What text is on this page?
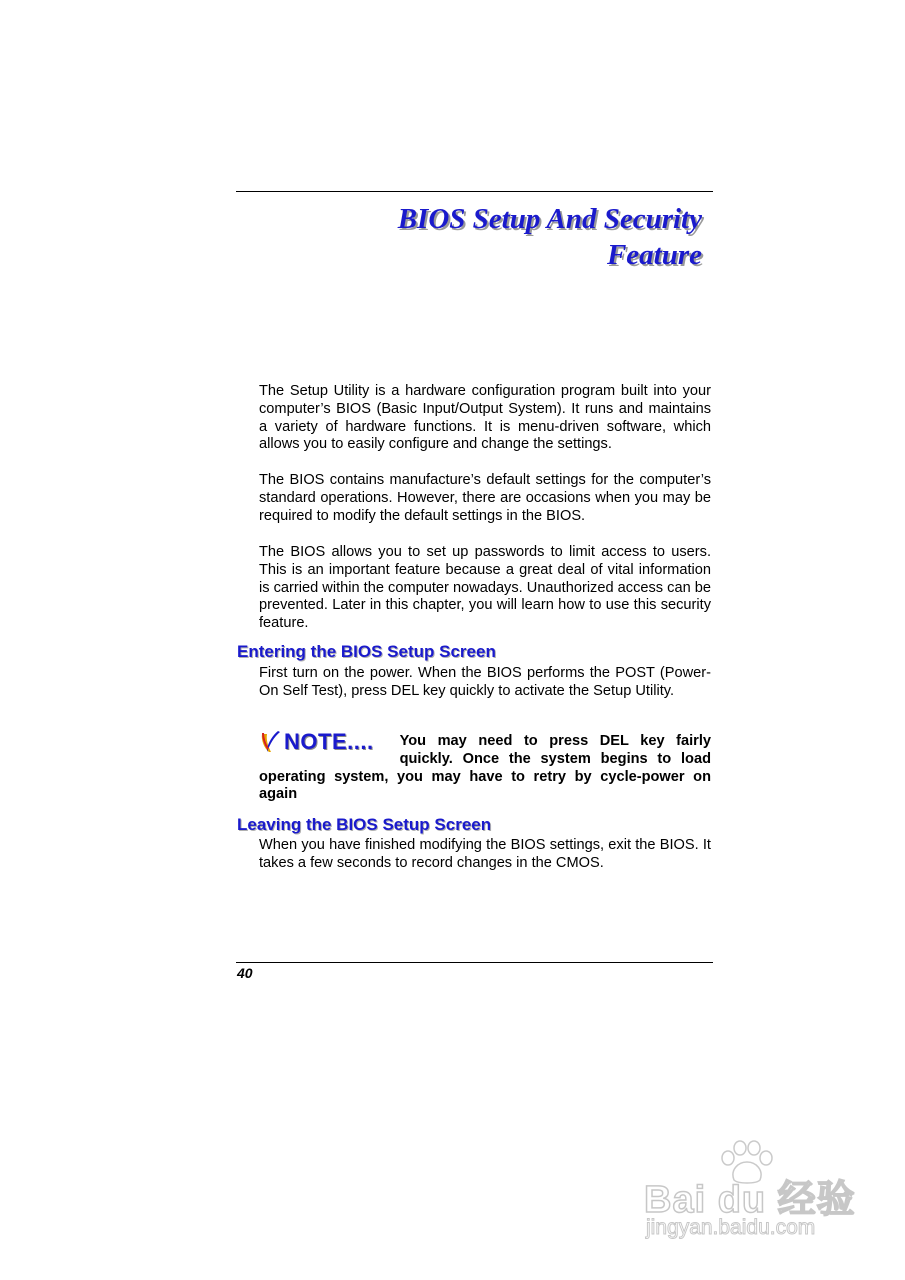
BIOS Setup And Security
Feature

The Setup Utility is a hardware configuration program built into your computer’s BIOS (Basic Input/Output System). It runs and maintains a variety of hardware functions. It is menu-driven software, which allows you to easily configure and change the settings.

The BIOS contains manufacture’s default settings for the computer’s standard operations. However, there are occasions when you may be required to modify the default settings in the BIOS.

The BIOS allows you to set up passwords to limit access to users. This is an important feature because a great deal of vital information is carried within the computer nowadays. Unauthorized access can be prevented. Later in this chapter, you will learn how to use this security feature.

Entering the BIOS Setup Screen

First turn on the power. When the BIOS performs the POST (Power-On Self Test), press DEL key quickly to activate the Setup Utility.

NOTE.... You may need to press DEL key fairly quickly. Once the system begins to load operating system, you may have to retry by cycle-power on again
Leaving the BIOS Setup Screen

When you have finished modifying the BIOS settings, exit the BIOS. It takes a few seconds to record changes in the CMOS.

40
Bai du 经验
jingyan.baidu.com
